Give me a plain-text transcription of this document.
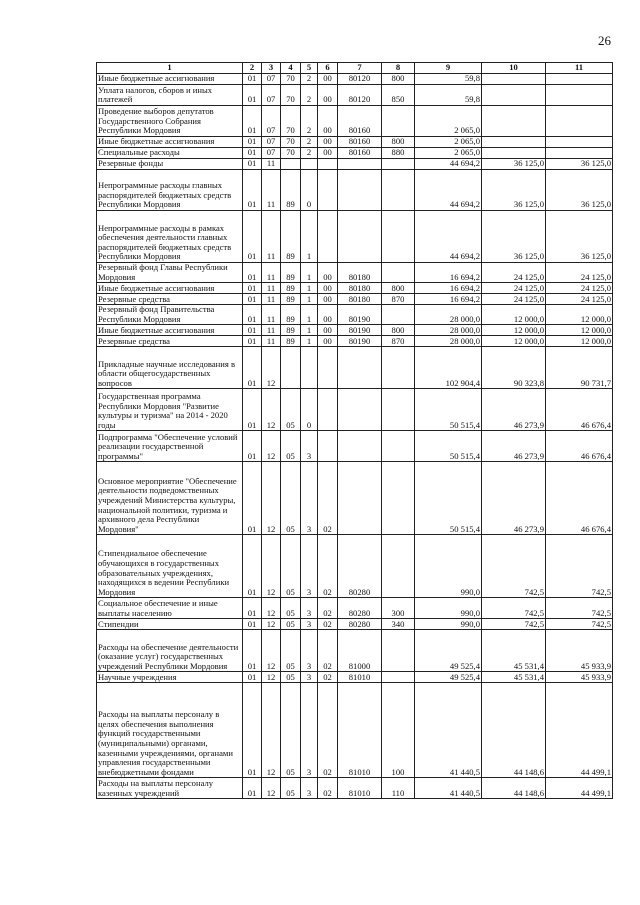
26
1	2	3	4	5	6	7	8	9	10	11
Иные бюджетные ассигнования	01	07	70	2	00	80120	800	59,8		
Уплата налогов, сборов и иных платежей	01	07	70	2	00	80120	850	59,8		
Проведение выборов депутатов Государственного Собрания Республики Мордовия	01	07	70	2	00	80160		2 065,0		
Иные бюджетные ассигнования	01	07	70	2	00	80160	800	2 065,0		
Специальные расходы	01	07	70	2	00	80160	880	2 065,0		
Резервные фонды	01	11						44 694,2	36 125,0	36 125,0
Непрограммные расходы главных распорядителей бюджетных средств Республики Мордовия	01	11	89	0				44 694,2	36 125,0	36 125,0
Непрограммные расходы в рамках обеспечения деятельности главных распорядителей бюджетных средств Республики Мордовия	01	11	89	1				44 694,2	36 125,0	36 125,0
Резервный фонд Главы Республики Мордовия	01	11	89	1	00	80180		16 694,2	24 125,0	24 125,0
Иные бюджетные ассигнования	01	11	89	1	00	80180	800	16 694,2	24 125,0	24 125,0
Резервные средства	01	11	89	1	00	80180	870	16 694,2	24 125,0	24 125,0
Резервный фонд Правительства Республики Мордовия	01	11	89	1	00	80190		28 000,0	12 000,0	12 000,0
Иные бюджетные ассигнования	01	11	89	1	00	80190	800	28 000,0	12 000,0	12 000,0
Резервные средства	01	11	89	1	00	80190	870	28 000,0	12 000,0	12 000,0
Прикладные научные исследования в области общегосударственных вопросов	01	12						102 904,4	90 323,8	90 731,7
Государственная программа Республики Мордовия "Развитие культуры и туризма" на 2014 - 2020 годы	01	12	05	0				50 515,4	46 273,9	46 676,4
Подпрограмма "Обеспечение условий реализации государственной программы"	01	12	05	3				50 515,4	46 273,9	46 676,4
Основное мероприятие "Обеспечение деятельности подведомственных учреждений Министерства культуры, национальной политики, туризма и архивного дела Республики Мордовия"	01	12	05	3	02			50 515,4	46 273,9	46 676,4
Стипендиальное обеспечение обучающихся в государственных образовательных учреждениях, находящихся в ведении Республики Мордовия	01	12	05	3	02	80280		990,0	742,5	742,5
Социальное обеспечение и иные выплаты населению	01	12	05	3	02	80280	300	990,0	742,5	742,5
Стипендии	01	12	05	3	02	80280	340	990,0	742,5	742,5
Расходы на обеспечение деятельности (оказание услуг) государственных учреждений Республики Мордовия	01	12	05	3	02	81000		49 525,4	45 531,4	45 933,9
Научные учреждения	01	12	05	3	02	81010		49 525,4	45 531,4	45 933,9
Расходы на выплаты персоналу в целях обеспечения выполнения функций государственными (муниципальными) органами, казенными учреждениями, органами управления государственными внебюджетными фондами	01	12	05	3	02	81010	100	41 440,5	44 148,6	44 499,1
Расходы на выплаты персоналу казенных учреждений	01	12	05	3	02	81010	110	41 440,5	44 148,6	44 499,1
